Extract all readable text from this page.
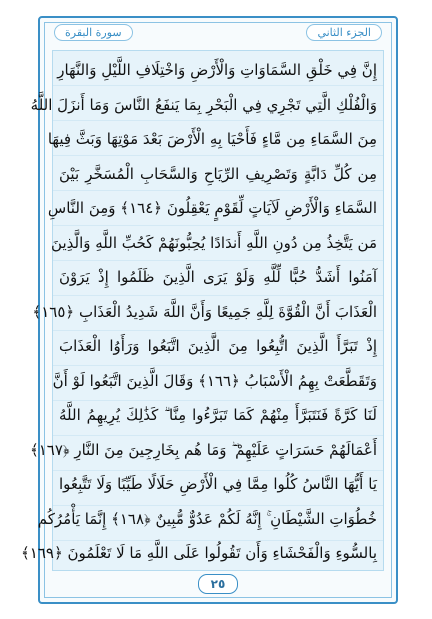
سورة البقرة	الجزء الثاني
إِنَّ فِي خَلْقِ السَّمَاوَاتِ وَالْأَرْضِ وَاخْتِلَافِ اللَّيْلِ وَالنَّهَارِ
وَالْفُلْكِ الَّتِي تَجْرِي فِي الْبَحْرِ بِمَا يَنفَعُ النَّاسَ وَمَا أَنزَلَ اللَّهُ
مِنَ السَّمَاءِ مِن مَّاءٍ فَأَحْيَا بِهِ الْأَرْضَ بَعْدَ مَوْتِهَا وَبَثَّ فِيهَا
مِن كُلِّ دَابَّةٍ وَتَصْرِيفِ الرِّيَاحِ وَالسَّحَابِ الْمُسَخَّرِ بَيْنَ
السَّمَاءِ وَالْأَرْضِ لَآيَاتٍ لِّقَوْمٍ يَعْقِلُونَ ﴿١٦٤﴾ وَمِنَ النَّاسِ
مَن يَتَّخِذُ مِن دُونِ اللَّهِ أَندَادًا يُحِبُّونَهُمْ كَحُبِّ اللَّهِ وَالَّذِينَ
آمَنُوا أَشَدُّ حُبًّا لِّلَّهِ وَلَوْ يَرَى الَّذِينَ ظَلَمُوا إِذْ يَرَوْنَ
الْعَذَابَ أَنَّ الْقُوَّةَ لِلَّهِ جَمِيعًا وَأَنَّ اللَّهَ شَدِيدُ الْعَذَابِ ﴿١٦٥﴾
إِذْ تَبَرَّأَ الَّذِينَ اتُّبِعُوا مِنَ الَّذِينَ اتَّبَعُوا وَرَأَوُا الْعَذَابَ
وَتَقَطَّعَتْ بِهِمُ الْأَسْبَابُ ﴿١٦٦﴾ وَقَالَ الَّذِينَ اتَّبَعُوا لَوْ أَنَّ
لَنَا كَرَّةً فَنَتَبَرَّأَ مِنْهُمْ كَمَا تَبَرَّءُوا مِنَّا ۗ كَذَٰلِكَ يُرِيهِمُ اللَّهُ
أَعْمَالَهُمْ حَسَرَاتٍ عَلَيْهِمْ ۖ وَمَا هُم بِخَارِجِينَ مِنَ النَّارِ ﴿١٦٧﴾
يَا أَيُّهَا النَّاسُ كُلُوا مِمَّا فِي الْأَرْضِ حَلَالًا طَيِّبًا وَلَا تَتَّبِعُوا
خُطُوَاتِ الشَّيْطَانِ ۚ إِنَّهُ لَكُمْ عَدُوٌّ مُّبِينٌ ﴿١٦٨﴾ إِنَّمَا يَأْمُرُكُم
بِالسُّوءِ وَالْفَحْشَاءِ وَأَن تَقُولُوا عَلَى اللَّهِ مَا لَا تَعْلَمُونَ ﴿١٦٩﴾
٢٥
